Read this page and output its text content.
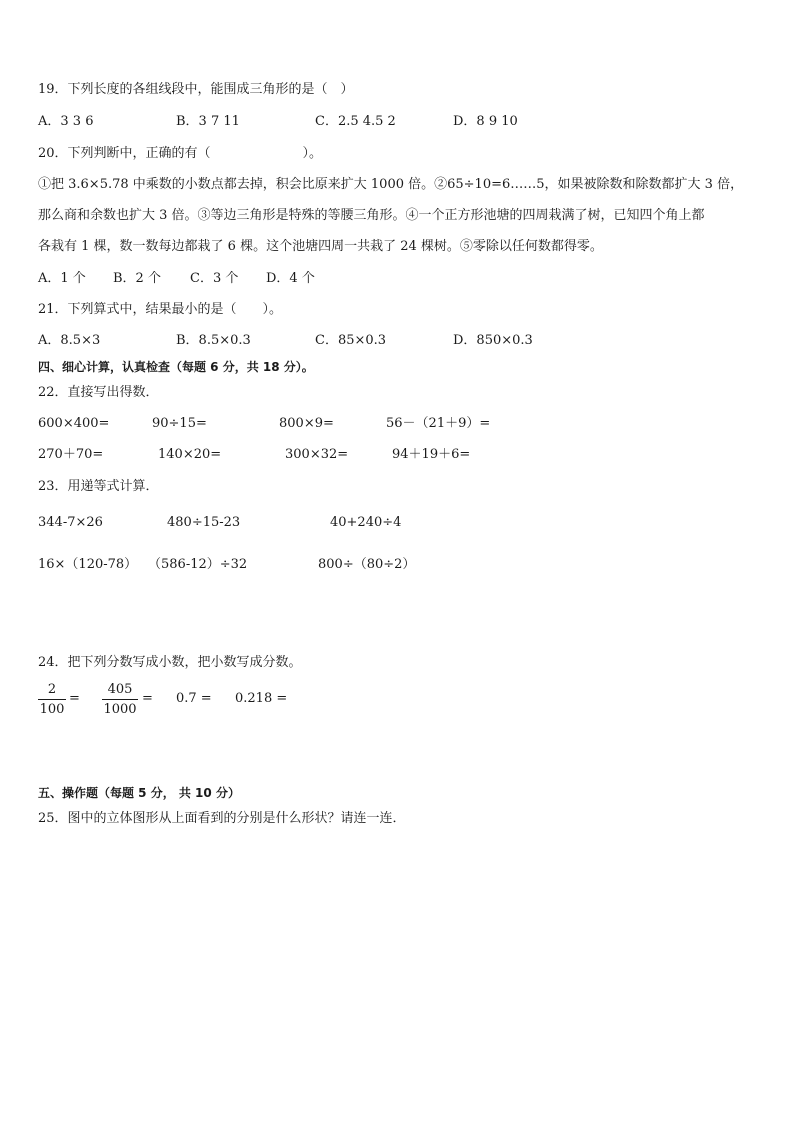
19．下列长度的各组线段中，能围成三角形的是（　）
A．3 3 6	B．3 7 11	C．2.5 4.5 2	D．8 9 10
20．下列判断中，正确的有（	）。
①把 3.6×5.78 中乘数的小数点都去掉，积会比原来扩大 1000 倍。②65÷10=6……5，如果被除数和除数都扩大 3 倍，
那么商和余数也扩大 3 倍。③等边三角形是特殊的等腰三角形。④一个正方形池塘的四周栽满了树，已知四个角上都
各栽有 1 棵，数一数每边都栽了 6 棵。这个池塘四周一共栽了 24 棵树。⑤零除以任何数都得零。
A．1 个 B．2 个 C．3 个 D．4 个
21．下列算式中，结果最小的是（　　）。
A．8.5×3	B．8.5×0.3	C．85×0.3	D．850×0.3
四、细心计算，认真检查（每题 6 分，共 18 分）。
22．直接写出得数．
600×400=	90÷15=	800×9=	56－（21＋9）=
270＋70=	140×20=	300×32=	94＋19＋6=
23．用递等式计算．
344-7×26	480÷15-23	40+240÷4
16×（120-78） （586-12）÷32	800÷（80÷2）
24．把下列分数写成小数，把小数写成分数。
$\frac{2}{100} = \frac{405}{1000} = 0.7 = 0.218$ =
五、操作题（每题 5 分， 共 10 分）
25．图中的立体图形从上面看到的分别是什么形状？请连一连．
